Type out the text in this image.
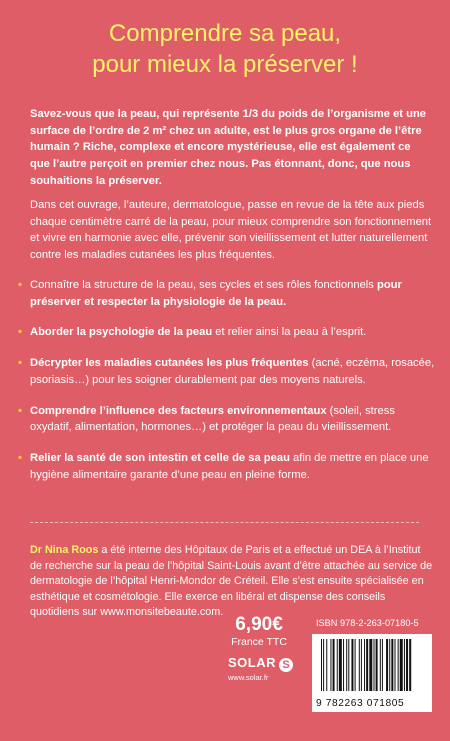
Comprendre sa peau,
pour mieux la préserver !
Savez-vous que la peau, qui représente 1/3 du poids de l’organisme et une surface de l’ordre de 2 m² chez un adulte, est le plus gros organe de l’être humain ? Riche, complexe et encore mystérieuse, elle est également ce que l’autre perçoit en premier chez nous. Pas étonnant, donc, que nous souhaitions la préserver.
Dans cet ouvrage, l’auteure, dermatologue, passe en revue de la tête aux pieds chaque centimètre carré de la peau, pour mieux comprendre son fonctionnement et vivre en harmonie avec elle, prévenir son vieillissement et lutter naturellement contre les maladies cutanées les plus fréquentes.
• Connaître la structure de la peau, ses cycles et ses rôles fonctionnels pour préserver et respecter la physiologie de la peau.
• Aborder la psychologie de la peau et relier ainsi la peau à l’esprit.
• Décrypter les maladies cutanées les plus fréquentes (acné, eczéma, rosacée, psoriasis…) pour les soigner durablement par des moyens naturels.
• Comprendre l’influence des facteurs environnementaux (soleil, stress oxydatif, alimentation, hormones…) et protéger la peau du vieillissement.
• Relier la santé de son intestin et celle de sa peau afin de mettre en place une hygiène alimentaire garante d’une peau en pleine forme.
Dr Nina Roos a été interne des Hôpitaux de Paris et a effectué un DEA à l’Institut de recherche sur la peau de l’hôpital Saint-Louis avant d’être attachée au service de dermatologie de l’hôpital Henri-Mondor de Créteil. Elle s’est ensuite spécialisée en esthétique et cosmétologie. Elle exerce en libéral et dispense des conseils quotidiens sur www.monsitebeaute.com.
6,90€
France TTC
SOLAR S
www.solar.fr
ISBN 978-2-263-07180-5
9 782263 071805
